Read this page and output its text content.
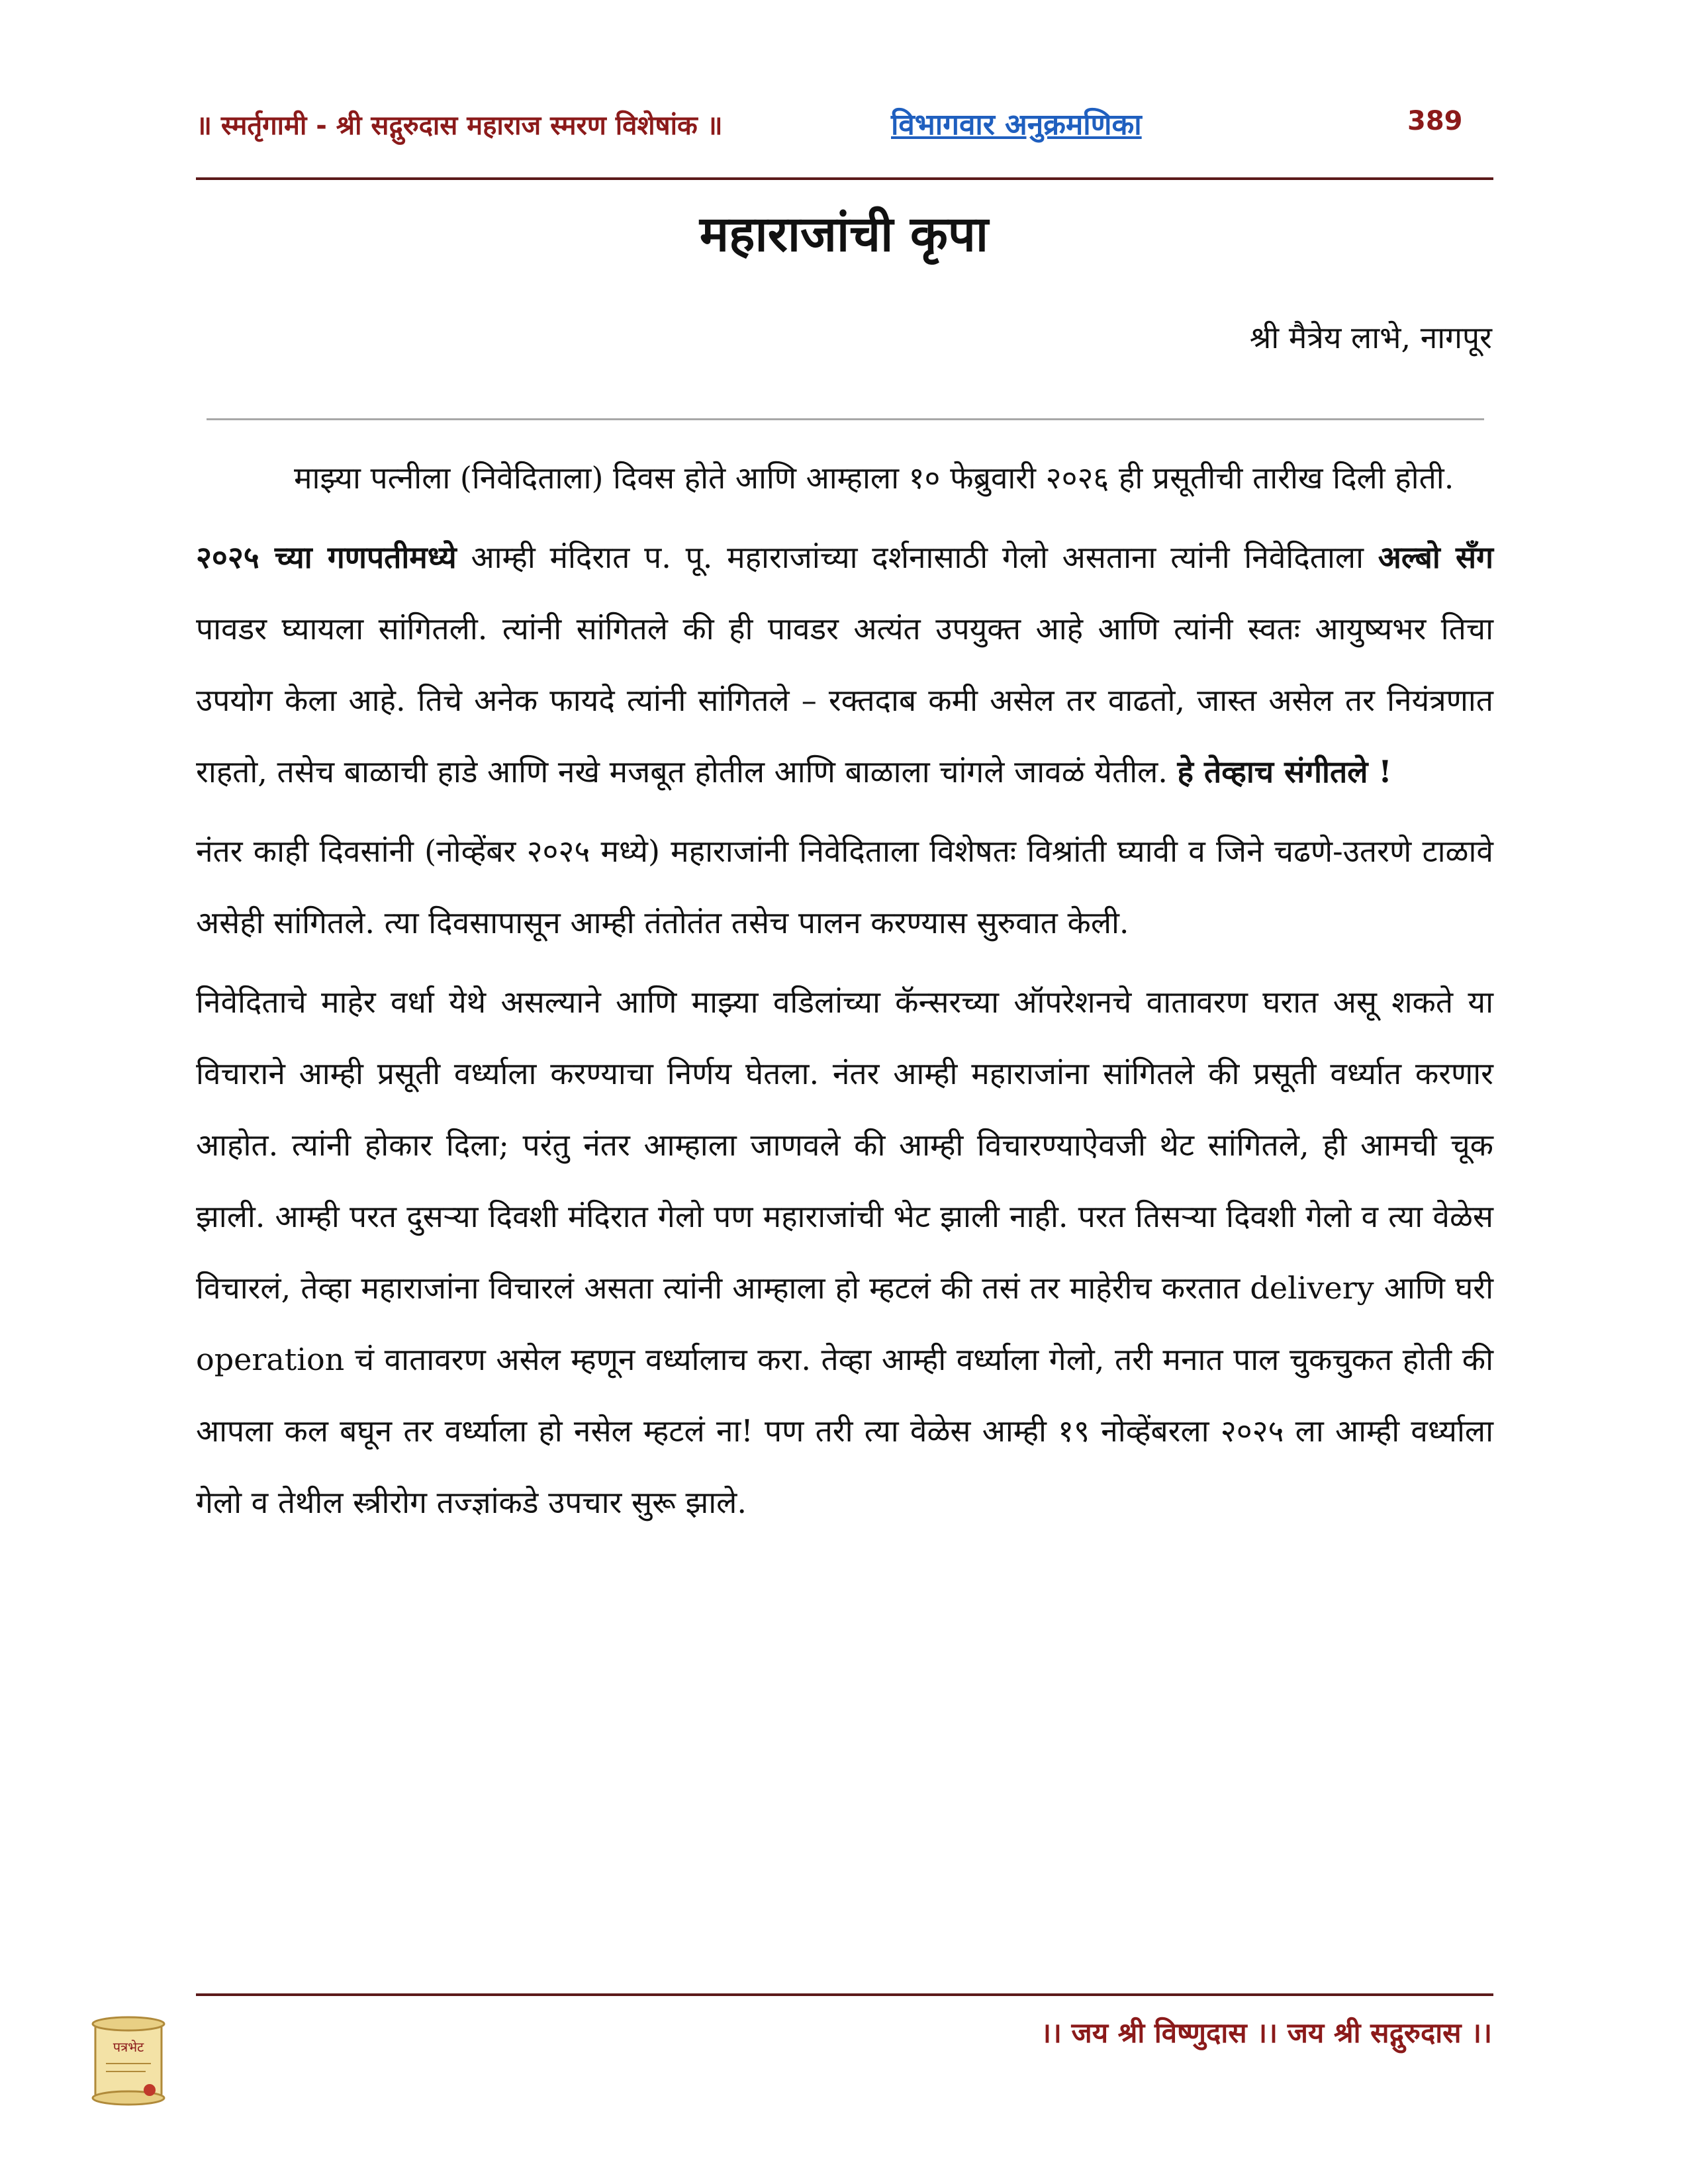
॥ स्मर्तृगामी - श्री सद्गुरुदास महाराज स्मरण विशेषांक ॥	विभागवार अनुक्रमणिका	389
महाराजांची कृपा
श्री मैत्रेय लाभे, नागपूर

माझ्या पत्नीला (निवेदिताला) दिवस होते आणि आम्हाला १० फेब्रुवारी २०२६ ही प्रसूतीची तारीख दिली होती.

२०२५ च्या गणपतीमध्ये आम्ही मंदिरात प. पू. महाराजांच्या दर्शनासाठी गेलो असताना त्यांनी निवेदिताला अल्बो सँग पावडर घ्यायला सांगितली. त्यांनी सांगितले की ही पावडर अत्यंत उपयुक्त आहे आणि त्यांनी स्वतः आयुष्यभर तिचा उपयोग केला आहे. तिचे अनेक फायदे त्यांनी सांगितले – रक्तदाब कमी असेल तर वाढतो, जास्त असेल तर नियंत्रणात राहतो, तसेच बाळाची हाडे आणि नखे मजबूत होतील आणि बाळाला चांगले जावळं येतील. हे तेव्हाच संगीतले !

नंतर काही दिवसांनी (नोव्हेंबर २०२५ मध्ये) महाराजांनी निवेदिताला विशेषतः विश्रांती घ्यावी व जिने चढणे-उतरणे टाळावे असेही सांगितले. त्या दिवसापासून आम्ही तंतोतंत तसेच पालन करण्यास सुरुवात केली.

निवेदिताचे माहेर वर्धा येथे असल्याने आणि माझ्या वडिलांच्या कॅन्सरच्या ऑपरेशनचे वातावरण घरात असू शकते या विचाराने आम्ही प्रसूती वर्ध्याला करण्याचा निर्णय घेतला. नंतर आम्ही महाराजांना सांगितले की प्रसूती वर्ध्यात करणार आहोत. त्यांनी होकार दिला; परंतु नंतर आम्हाला जाणवले की आम्ही विचारण्याऐवजी थेट सांगितले, ही आमची चूक झाली. आम्ही परत दुसऱ्या दिवशी मंदिरात गेलो पण महाराजांची भेट झाली नाही. परत तिसऱ्या दिवशी गेलो व त्या वेळेस विचारलं, तेव्हा महाराजांना विचारलं असता त्यांनी आम्हाला हो म्हटलं की तसं तर माहेरीच करतात delivery आणि घरी operation चं वातावरण असेल म्हणून वर्ध्यालाच करा. तेव्हा आम्ही वर्ध्याला गेलो, तरी मनात पाल चुकचुकत होती की आपला कल बघून तर वर्ध्याला हो नसेल म्हटलं ना! पण तरी त्या वेळेस आम्ही १९ नोव्हेंबरला २०२५ ला आम्ही वर्ध्याला गेलो व तेथील स्त्रीरोग तज्ज्ञांकडे उपचार सुरू झाले.

पत्रभेट	।। जय श्री विष्णुदास ।। जय श्री सद्गुरुदास ।।
